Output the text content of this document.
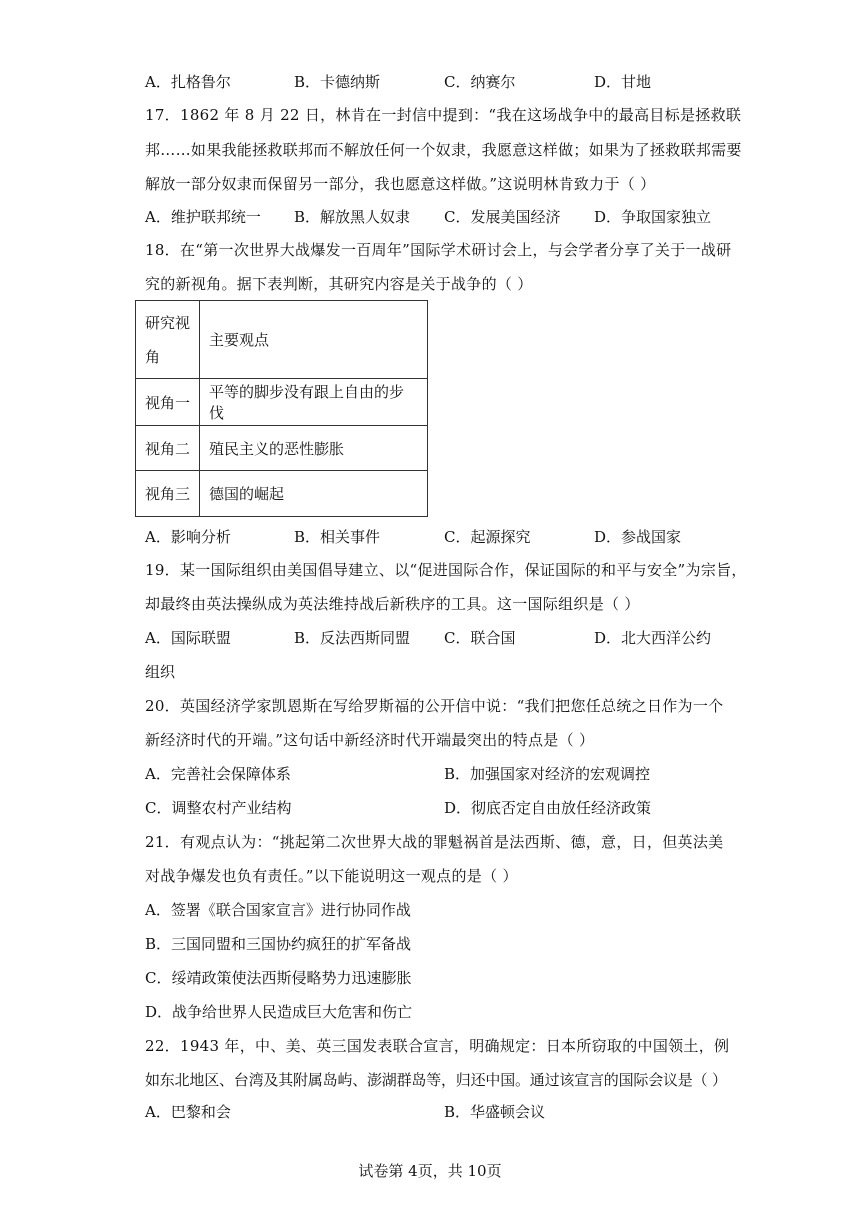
A．扎格鲁尔	B．卡德纳斯	C．纳赛尔	D．甘地
17．1862 年 8 月 22 日，林肯在一封信中提到：“我在这场战争中的最高目标是拯救联
邦……如果我能拯救联邦而不解放任何一个奴隶，我愿意这样做；如果为了拯救联邦需要
解放一部分奴隶而保留另一部分，我也愿意这样做。”这说明林肯致力于（ ）
A．维护联邦统一 B．解放黑人奴隶 C．发展美国经济 D．争取国家独立
18．在“第一次世界大战爆发一百周年”国际学术研讨会上，与会学者分享了关于一战研
究的新视角。据下表判断，其研究内容是关于战争的（ ）
研究视角	主要观点
视角一	平等的脚步没有跟上自由的步伐
视角二	殖民主义的恶性膨胀
视角三	德国的崛起
A．影响分析	B．相关事件	C．起源探究	D．参战国家
19．某一国际组织由美国倡导建立、以“促进国际合作，保证国际的和平与安全”为宗旨，
却最终由英法操纵成为英法维持战后新秩序的工具。这一国际组织是（ ）
A．国际联盟	B．反法西斯同盟 C．联合国	D．北大西洋公约
组织
20．英国经济学家凯恩斯在写给罗斯福的公开信中说：“我们把您任总统之日作为一个
新经济时代的开端。”这句话中新经济时代开端最突出的特点是（ ）
A．完善社会保障体系	B．加强国家对经济的宏观调控
C．调整农村产业结构	D．彻底否定自由放任经济政策
21．有观点认为：“挑起第二次世界大战的罪魁祸首是法西斯、德，意，日，但英法美
对战争爆发也负有责任。”以下能说明这一观点的是（ ）
A．签署《联合国家宣言》进行协同作战
B．三国同盟和三国协约疯狂的扩军备战
C．绥靖政策使法西斯侵略势力迅速膨胀
D．战争给世界人民造成巨大危害和伤亡
22．1943 年，中、美、英三国发表联合宣言，明确规定：日本所窃取的中国领土，例
如东北地区、台湾及其附属岛屿、澎湖群岛等，归还中国。通过该宣言的国际会议是（ ）
A．巴黎和会	B．华盛顿会议
试卷第 4页，共 10页
